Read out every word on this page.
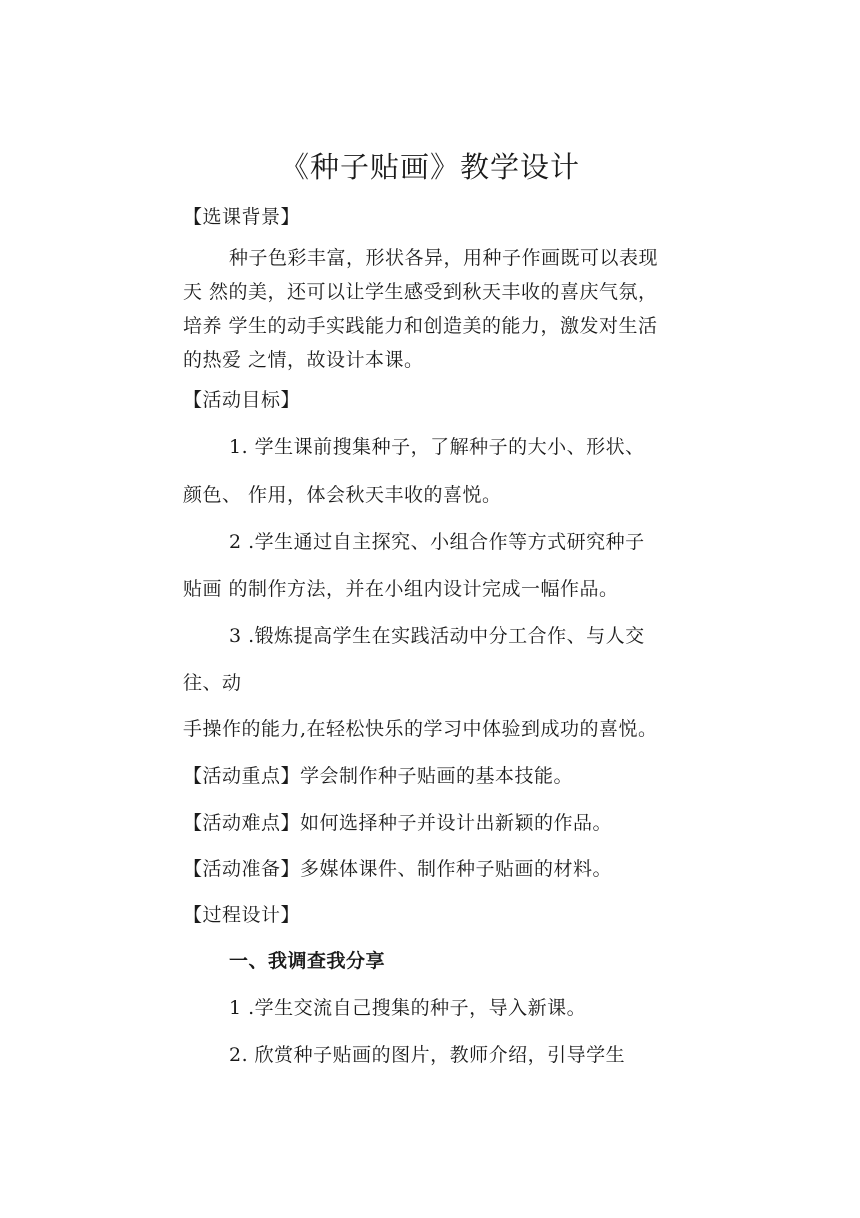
《种子贴画》教学设计
【选课背景】
种子色彩丰富，形状各异，用种子作画既可以表现
天 然的美，还可以让学生感受到秋天丰收的喜庆气氛，
培养 学生的动手实践能力和创造美的能力，激发对生活
的热爱 之情，故设计本课。
【活动目标】
1. 学生课前搜集种子，了解种子的大小、形状、
颜色、 作用，体会秋天丰收的喜悦。
2 .学生通过自主探究、小组合作等方式研究种子
贴画 的制作方法，并在小组内设计完成一幅作品。
3 .锻炼提高学生在实践活动中分工合作、与人交
往、动
手操作的能力,在轻松快乐的学习中体验到成功的喜悦。
【活动重点】学会制作种子贴画的基本技能。
【活动难点】如何选择种子并设计出新颖的作品。
【活动准备】多媒体课件、制作种子贴画的材料。
【过程设计】
一、我调查我分享
1 .学生交流自己搜集的种子，导入新课。
2. 欣赏种子贴画的图片，教师介绍，引导学生
